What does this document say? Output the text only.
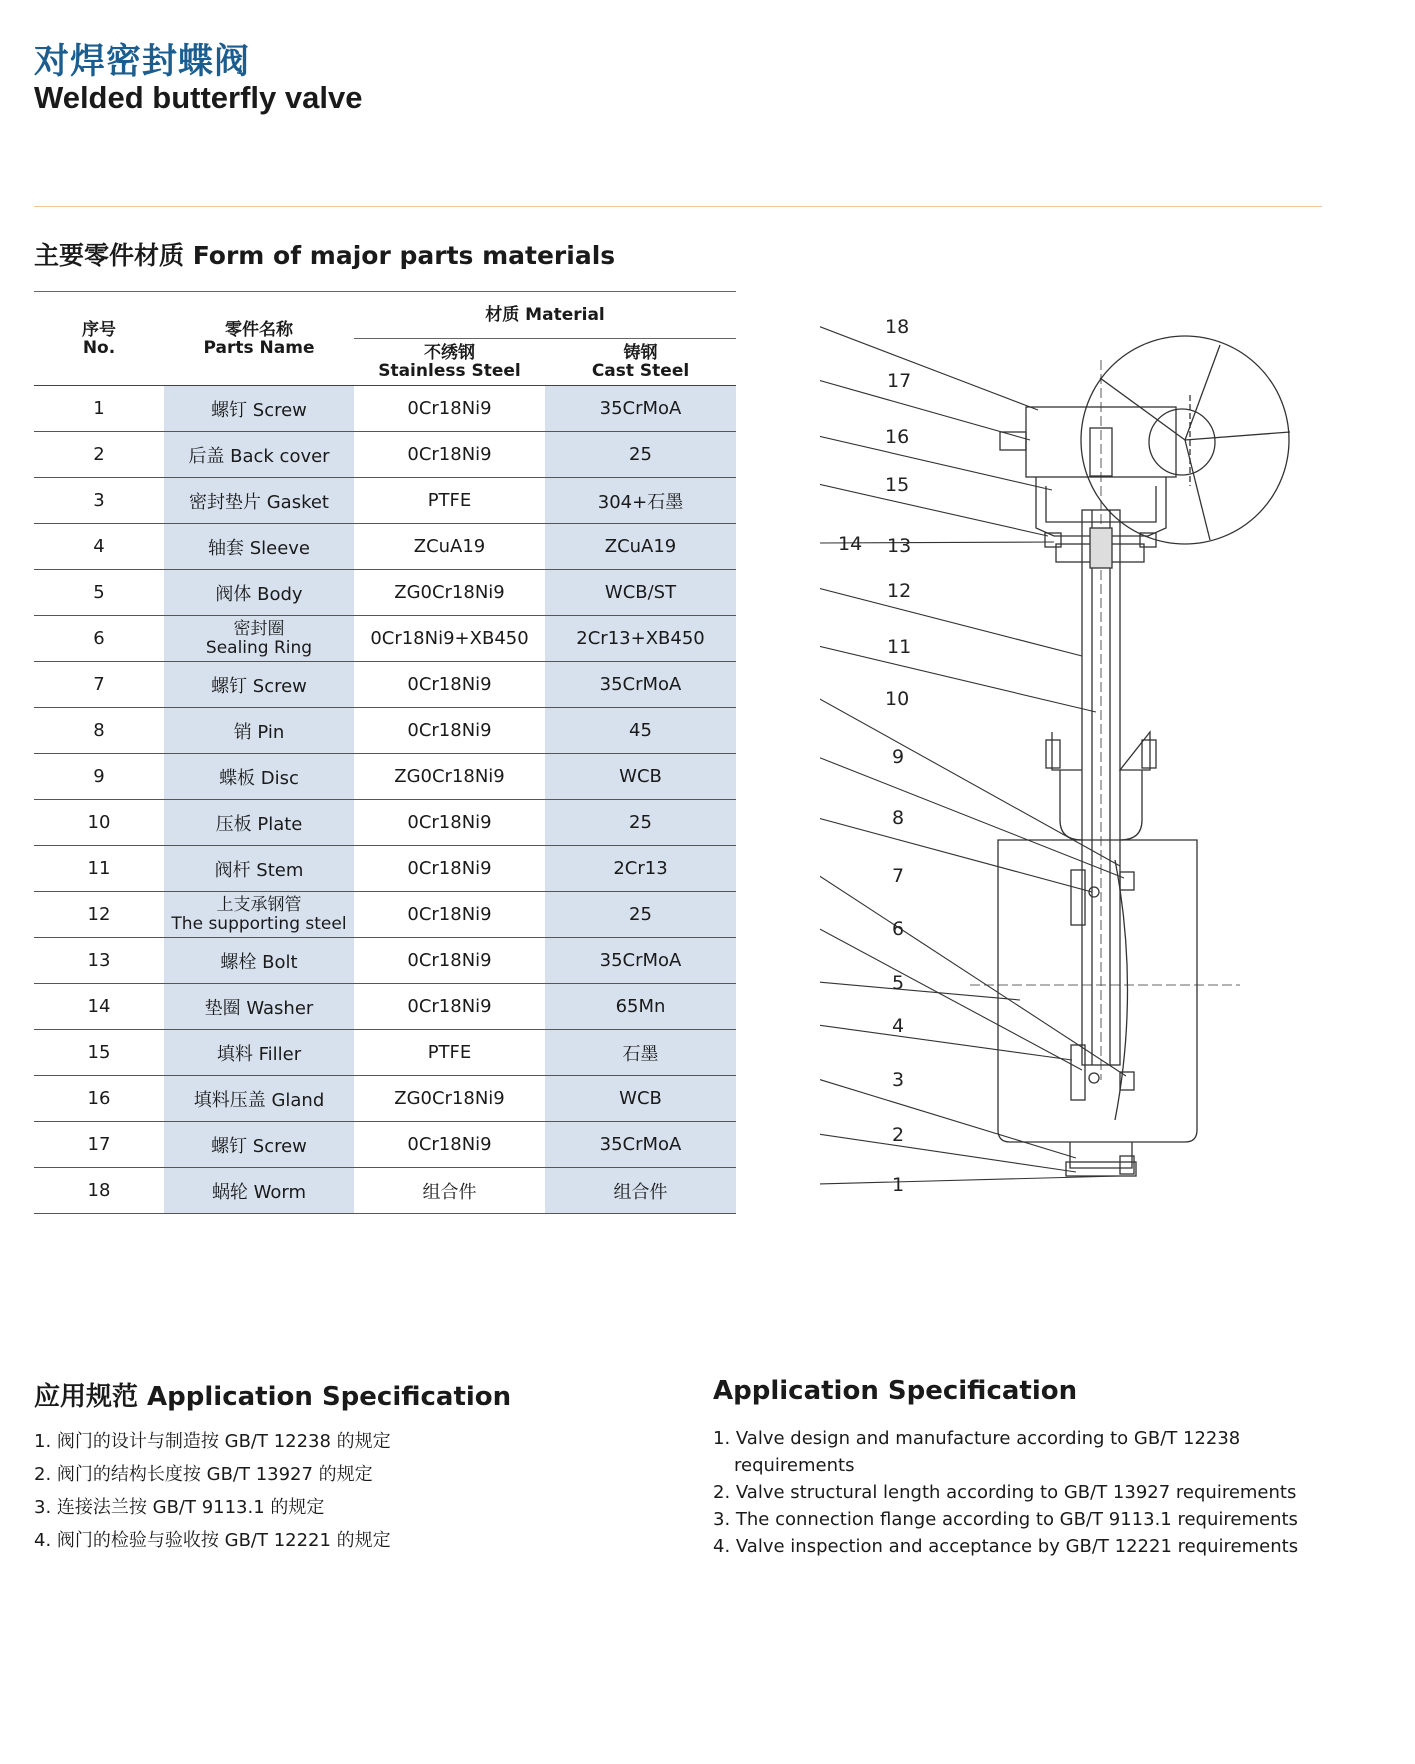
对焊密封蝶阀
Welded butterfly valve
主要零件材质 Form of major parts materials
序号
No.	零件名称
Parts Name	材质 Material	

		不绣钢
Stainless Steel	铸钢
Cast Steel

1	螺钉 Screw	0Cr18Ni9	35CrMoA
2	后盖 Back cover	0Cr18Ni9	25
3	密封垫片 Gasket	PTFE	304+石墨
4	轴套 Sleeve	ZCuA19	ZCuA19
5	阀体 Body	ZG0Cr18Ni9	WCB/ST
6	密封圈
Sealing Ring	0Cr18Ni9+XB450	2Cr13+XB450
7	螺钉 Screw	0Cr18Ni9	35CrMoA
8	销 Pin	0Cr18Ni9	45
9	蝶板 Disc	ZG0Cr18Ni9	WCB
10	压板 Plate	0Cr18Ni9	25
11	阀杆 Stem	0Cr18Ni9	2Cr13
12	上支承钢管
The supporting steel	0Cr18Ni9	25
13	螺栓 Bolt	0Cr18Ni9	35CrMoA
14	垫圈 Washer	0Cr18Ni9	65Mn
15	填料 Filler	PTFE	石墨
16	填料压盖 Gland	ZG0Cr18Ni9	WCB
17	螺钉 Screw	0Cr18Ni9	35CrMoA
18	蜗轮 Worm	组合件	组合件
18
17
16
15
14 13
12
11
10
9
8
7
6
5
4
3
2
1
应用规范 Application Specification
1. 阀门的设计与制造按 GB/T 12238 的规定
2. 阀门的结构长度按 GB/T 13927 的规定
3. 连接法兰按 GB/T 9113.1 的规定
4. 阀门的检验与验收按 GB/T 12221 的规定
Application Specification
1. Valve design and manufacture according to GB/T 12238
requirements
2. Valve structural length according to GB/T 13927 requirements
3. The connection flange according to GB/T 9113.1 requirements
4. Valve inspection and acceptance by GB/T 12221 requirements
